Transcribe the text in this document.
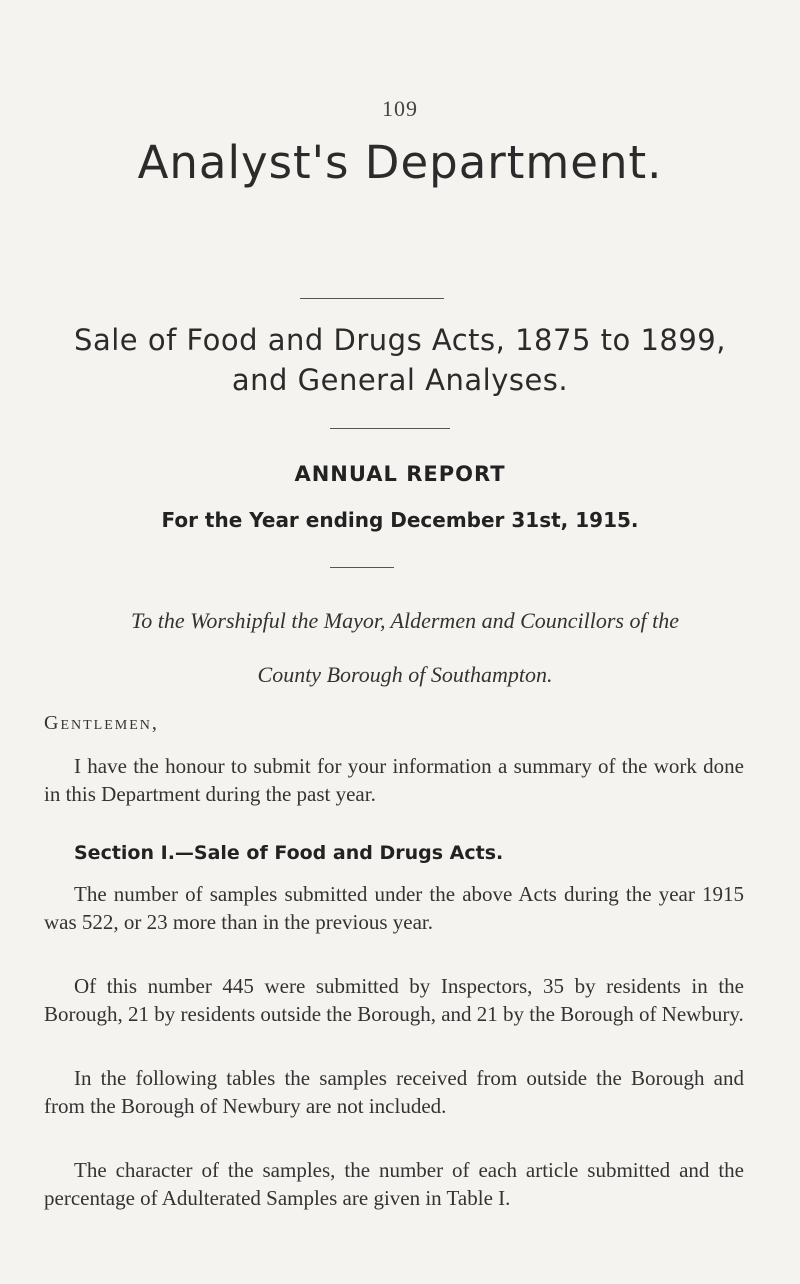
109
Analyst's Department.
Sale of Food and Drugs Acts, 1875 to 1899,
and General Analyses.
ANNUAL REPORT
For the Year ending December 31st, 1915.
To the Worshipful the Mayor, Aldermen and Councillors of the
County Borough of Southampton.
Gentlemen,

I have the honour to submit for your information a summary of the work done in this Department during the past year.

Section I.—Sale of Food and Drugs Acts.

The number of samples submitted under the above Acts during the year 1915 was 522, or 23 more than in the previous year.

Of this number 445 were submitted by Inspectors, 35 by residents in the Borough, 21 by residents outside the Borough, and 21 by the Borough of Newbury.

In the following tables the samples received from outside the Borough and from the Borough of Newbury are not included.

The character of the samples, the number of each article submitted and the percentage of Adulterated Samples are given in Table I.
